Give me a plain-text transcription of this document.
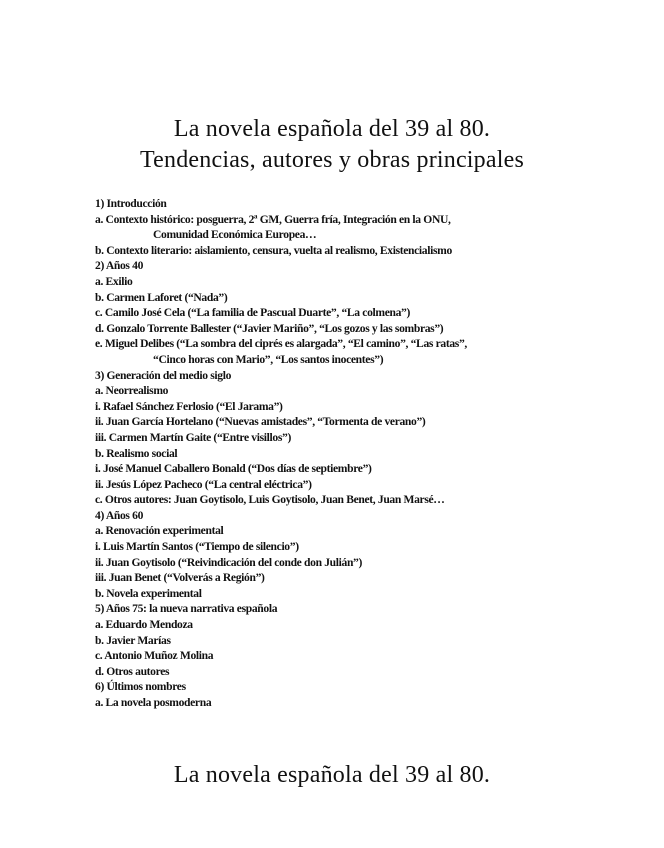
La novela española del 39 al 80.
Tendencias, autores y obras principales
1) Introducción
a. Contexto histórico: posguerra, 2ª GM, Guerra fría, Integración en la ONU,
Comunidad Económica Europea…
b. Contexto literario: aislamiento, censura, vuelta al realismo, Existencialismo
2) Años 40
a. Exilio
b. Carmen Laforet (“Nada”)
c. Camilo José Cela (“La familia de Pascual Duarte”, “La colmena”)
d. Gonzalo Torrente Ballester (“Javier Mariño”, “Los gozos y las sombras”)
e. Miguel Delibes (“La sombra del ciprés es alargada”, “El camino”, “Las ratas”,
“Cinco horas con Mario”, “Los santos inocentes”)
3) Generación del medio siglo
a. Neorrealismo
i. Rafael Sánchez Ferlosio (“El Jarama”)
ii. Juan García Hortelano (“Nuevas amistades”, “Tormenta de verano”)
iii. Carmen Martín Gaite (“Entre visillos”)
b. Realismo social
i. José Manuel Caballero Bonald (“Dos días de septiembre”)
ii. Jesús López Pacheco (“La central eléctrica”)
c. Otros autores: Juan Goytisolo, Luis Goytisolo, Juan Benet, Juan Marsé…
4) Años 60
a. Renovación experimental
i. Luis Martín Santos (“Tiempo de silencio”)
ii. Juan Goytisolo (“Reivindicación del conde don Julián”)
iii. Juan Benet (“Volverás a Región”)
b. Novela experimental
5) Años 75: la nueva narrativa española
a. Eduardo Mendoza
b. Javier Marías
c. Antonio Muñoz Molina
d. Otros autores
6) Últimos nombres
a. La novela posmoderna
La novela española del 39 al 80.
